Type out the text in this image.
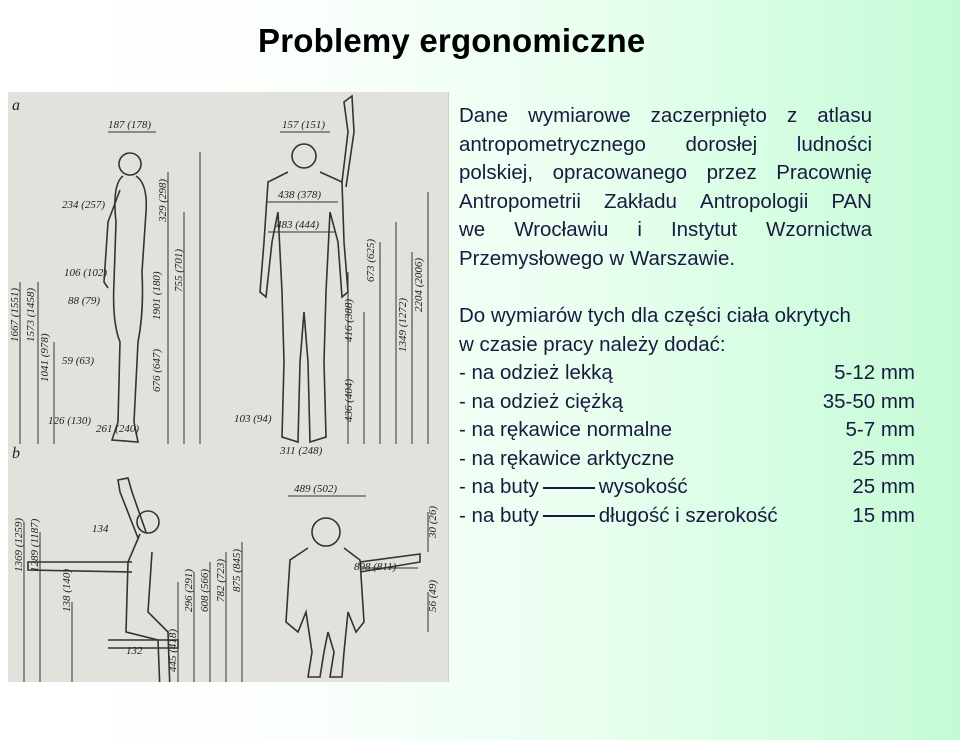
Problemy ergonomiczne
a
b
187 (178)	157 (151)
234 (257)
438 (378)
483 (444)
106 (102)
88 (79)
59 (63)
126 (130)
261 (240)
103 (94)
311 (248)
329 (298)
755 (701)
1901 (180)
676 (647)
416 (388)
436 (404)
673 (625)	2204 (2006)
1349 (1272)
1041 (978)
1667 (1551) 1573 (1458)
489 (502)
134
132
898 (811)
30 (26)
56 (49)
1369 (1259) 1289 (1187)
138 (140)	296 (291) 608 (566) 782 (723) 875 (845)
445 (418)
Dane wymiarowe zaczerpnięto z atlasu
antropometrycznego dorosłej ludności
polskiej, opracowanego przez Pracownię
Antropometrii Zakładu Antropologii PAN
we Wrocławiu i Instytut Wzornictwa
Przemysłowego w Warszawie.
Do wymiarów tych dla części ciała okrytych
w czasie pracy należy dodać:
- na odzież lekką	5-12 mm
- na odzież ciężką	35-50 mm
- na rękawice normalne	5-7 mm
- na rękawice arktyczne	25 mm
- na buty	wysokość	25 mm
- na buty	długość i szerokość	15 mm
